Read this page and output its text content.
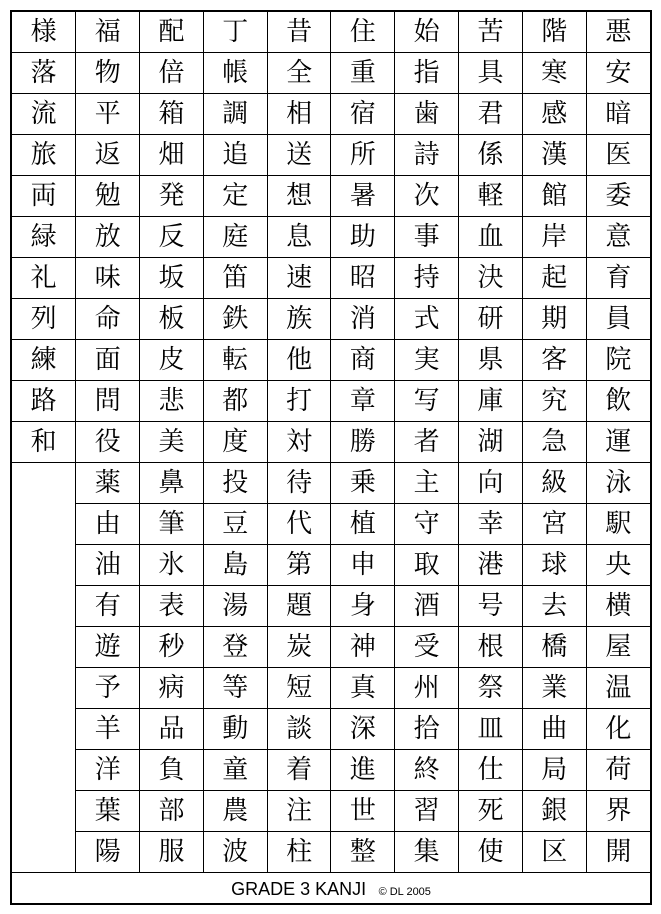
様	福	配	丁	昔	住	始	苦	階	悪
落	物	倍	帳	全	重	指	具	寒	安
流	平	箱	調	相	宿	歯	君	感	暗
旅	返	畑	追	送	所	詩	係	漢	医
両	勉	発	定	想	暑	次	軽	館	委
緑	放	反	庭	息	助	事	血	岸	意
礼	味	坂	笛	速	昭	持	決	起	育
列	命	板	鉄	族	消	式	研	期	員
練	面	皮	転	他	商	実	県	客	院
路	問	悲	都	打	章	写	庫	究	飲
和	役	美	度	対	勝	者	湖	急	運
	薬	鼻	投	待	乗	主	向	級	泳
	由	筆	豆	代	植	守	幸	宮	駅
	油	氷	島	第	申	取	港	球	央
	有	表	湯	題	身	酒	号	去	横
	遊	秒	登	炭	神	受	根	橋	屋
	予	病	等	短	真	州	祭	業	温
	羊	品	動	談	深	拾	皿	曲	化
	洋	負	童	着	進	終	仕	局	荷
	葉	部	農	注	世	習	死	銀	界
	陽	服	波	柱	整	集	使	区	開
GRADE 3 KANJI © DL 2005
